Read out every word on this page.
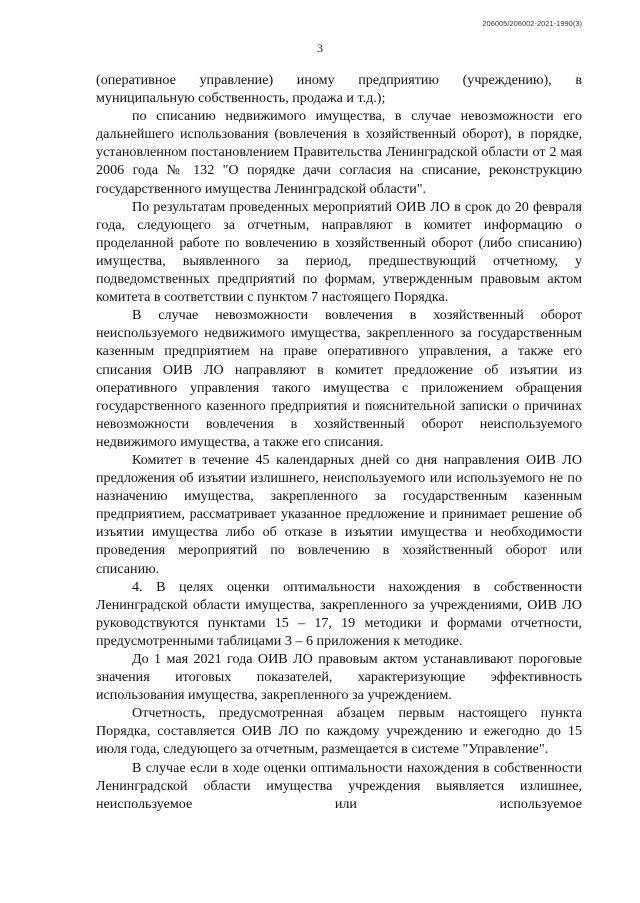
206005/206002-2021-1990(3)
3

(оперативное управление) иному предприятию (учреждению), в муниципальную собственность, продажа и т.д.);

по списанию недвижимого имущества, в случае невозможности его дальнейшего использования (вовлечения в хозяйственный оборот), в порядке, установленном постановлением Правительства Ленинградской области от 2 мая 2006 года № 132 "О порядке дачи согласия на списание, реконструкцию государственного имущества Ленинградской области".

По результатам проведенных мероприятий ОИВ ЛО в срок до 20 февраля года, следующего за отчетным, направляют в комитет информацию о проделанной работе по вовлечению в хозяйственный оборот (либо списанию) имущества, выявленного за период, предшествующий отчетному, у подведомственных предприятий по формам, утвержденным правовым актом комитета в соответствии с пунктом 7 настоящего Порядка.

В случае невозможности вовлечения в хозяйственный оборот неиспользуемого недвижимого имущества, закрепленного за государственным казенным предприятием на праве оперативного управления, а также его списания ОИВ ЛО направляют в комитет предложение об изъятии из оперативного управления такого имущества с приложением обращения государственного казенного предприятия и пояснительной записки о причинах невозможности вовлечения в хозяйственный оборот неиспользуемого недвижимого имущества, а также его списания.

Комитет в течение 45 календарных дней со дня направления ОИВ ЛО предложения об изъятии излишнего, неиспользуемого или используемого не по назначению имущества, закрепленного за государственным казенным предприятием, рассматривает указанное предложение и принимает решение об изъятии имущества либо об отказе в изъятии имущества и необходимости проведения мероприятий по вовлечению в хозяйственный оборот или списанию.

4. В целях оценки оптимальности нахождения в собственности Ленинградской области имущества, закрепленного за учреждениями, ОИВ ЛО руководствуются пунктами 15 – 17, 19 методики и формами отчетности, предусмотренными таблицами 3 – 6 приложения к методике.

До 1 мая 2021 года ОИВ ЛО правовым актом устанавливают пороговые значения итоговых показателей, характеризующие эффективность использования имущества, закрепленного за учреждением.

Отчетность, предусмотренная абзацем первым настоящего пункта Порядка, составляется ОИВ ЛО по каждому учреждению и ежегодно до 15 июля года, следующего за отчетным, размещается в системе "Управление".

В случае если в ходе оценки оптимальности нахождения в собственности Ленинградской области имущества учреждения выявляется излишнее, неиспользуемое или используемое
